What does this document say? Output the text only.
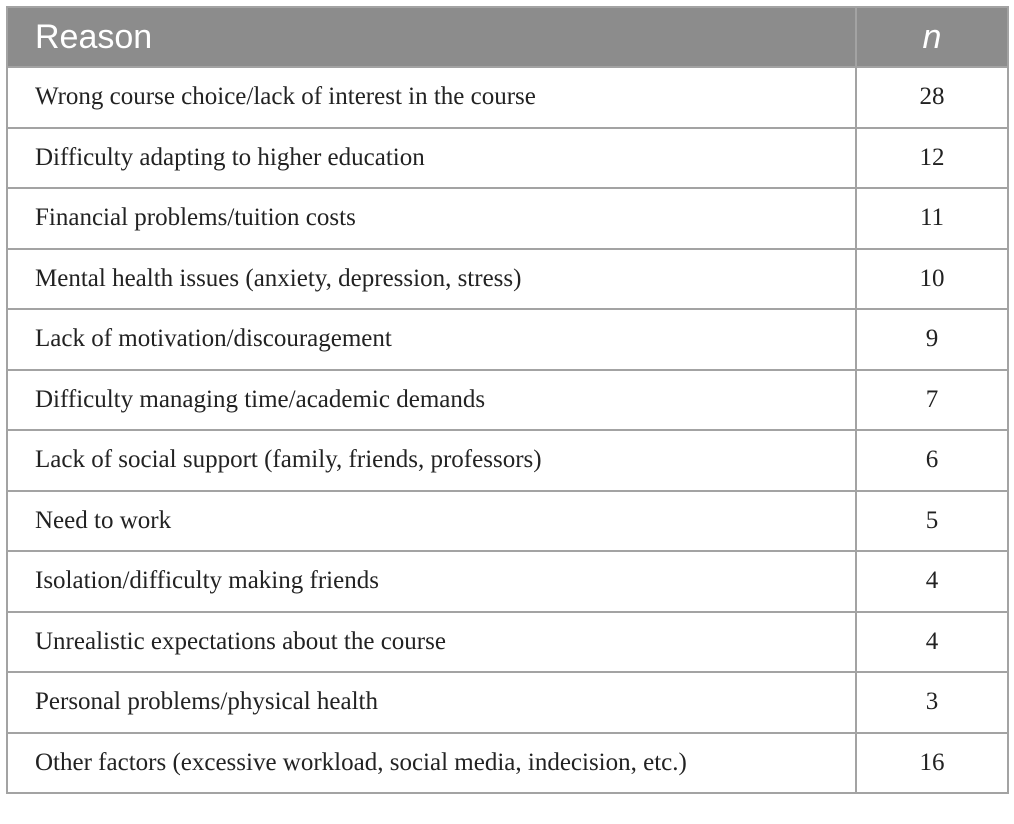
Reason	n
Wrong course choice/lack of interest in the course	28
Difficulty adapting to higher education	12
Financial problems/tuition costs	11
Mental health issues (anxiety, depression, stress)	10
Lack of motivation/discouragement	9
Difficulty managing time/academic demands	7
Lack of social support (family, friends, professors)	6
Need to work	5
Isolation/difficulty making friends	4
Unrealistic expectations about the course	4
Personal problems/physical health	3
Other factors (excessive workload, social media, indecision, etc.)	16
